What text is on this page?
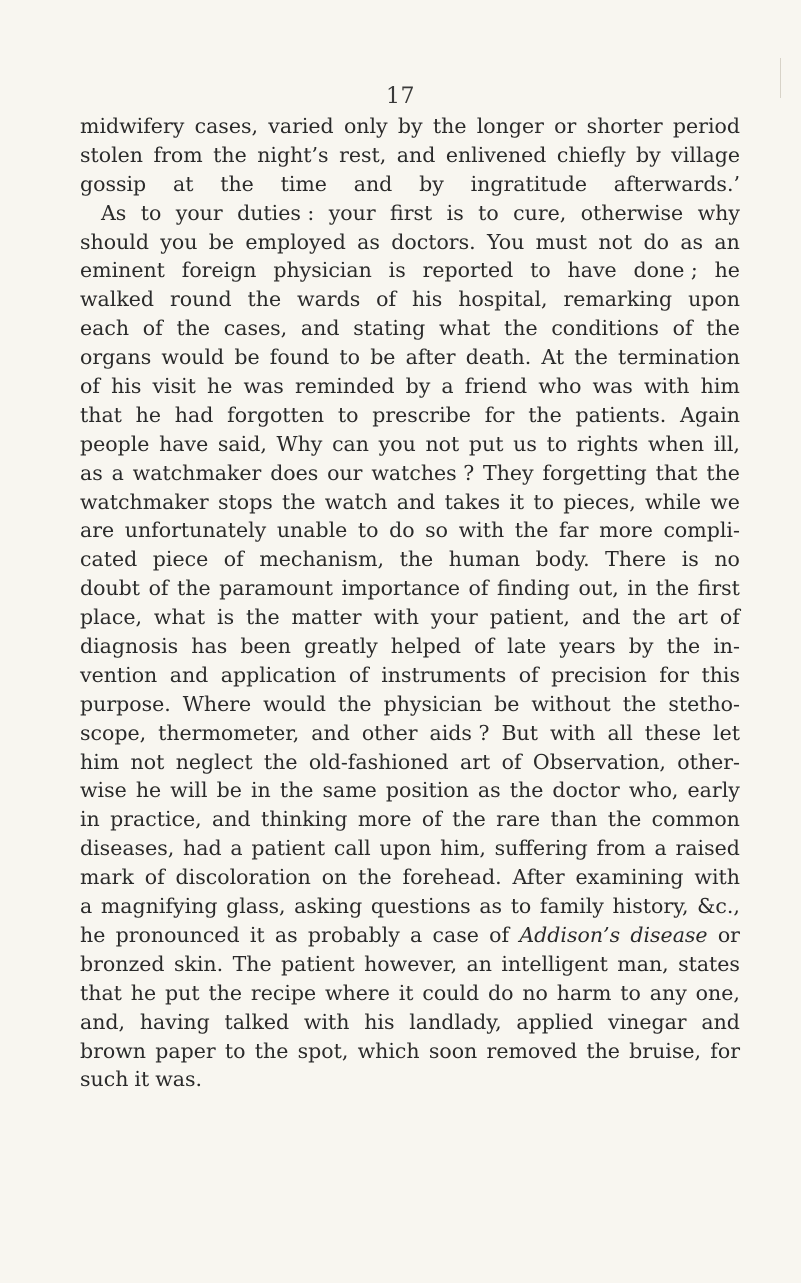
17
midwifery cases, varied only by the longer or shorter period
stolen from the night’s rest, and enlivened chiefly by village
gossip at the time and by ingratitude afterwards.’
As to your duties : your first is to cure, otherwise why
should you be employed as doctors. You must not do as an
eminent foreign physician is reported to have done ; he
walked round the wards of his hospital, remarking upon
each of the cases, and stating what the conditions of the
organs would be found to be after death. At the termination
of his visit he was reminded by a friend who was with him
that he had forgotten to prescribe for the patients. Again
people have said, Why can you not put us to rights when ill,
as a watchmaker does our watches ? They forgetting that the
watchmaker stops the watch and takes it to pieces, while we
are unfortunately unable to do so with the far more compli-
cated piece of mechanism, the human body. There is no
doubt of the paramount importance of finding out, in the first
place, what is the matter with your patient, and the art of
diagnosis has been greatly helped of late years by the in-
vention and application of instruments of precision for this
purpose. Where would the physician be without the stetho-
scope, thermometer, and other aids ? But with all these let
him not neglect the old-fashioned art of Observation, other-
wise he will be in the same position as the doctor who, early
in practice, and thinking more of the rare than the common
diseases, had a patient call upon him, suffering from a raised
mark of discoloration on the forehead. After examining with
a magnifying glass, asking questions as to family history, &c.,
he pronounced it as probably a case of Addison’s disease or
bronzed skin. The patient however, an intelligent man, states
that he put the recipe where it could do no harm to any one,
and, having talked with his landlady, applied vinegar and
brown paper to the spot, which soon removed the bruise, for
such it was.
